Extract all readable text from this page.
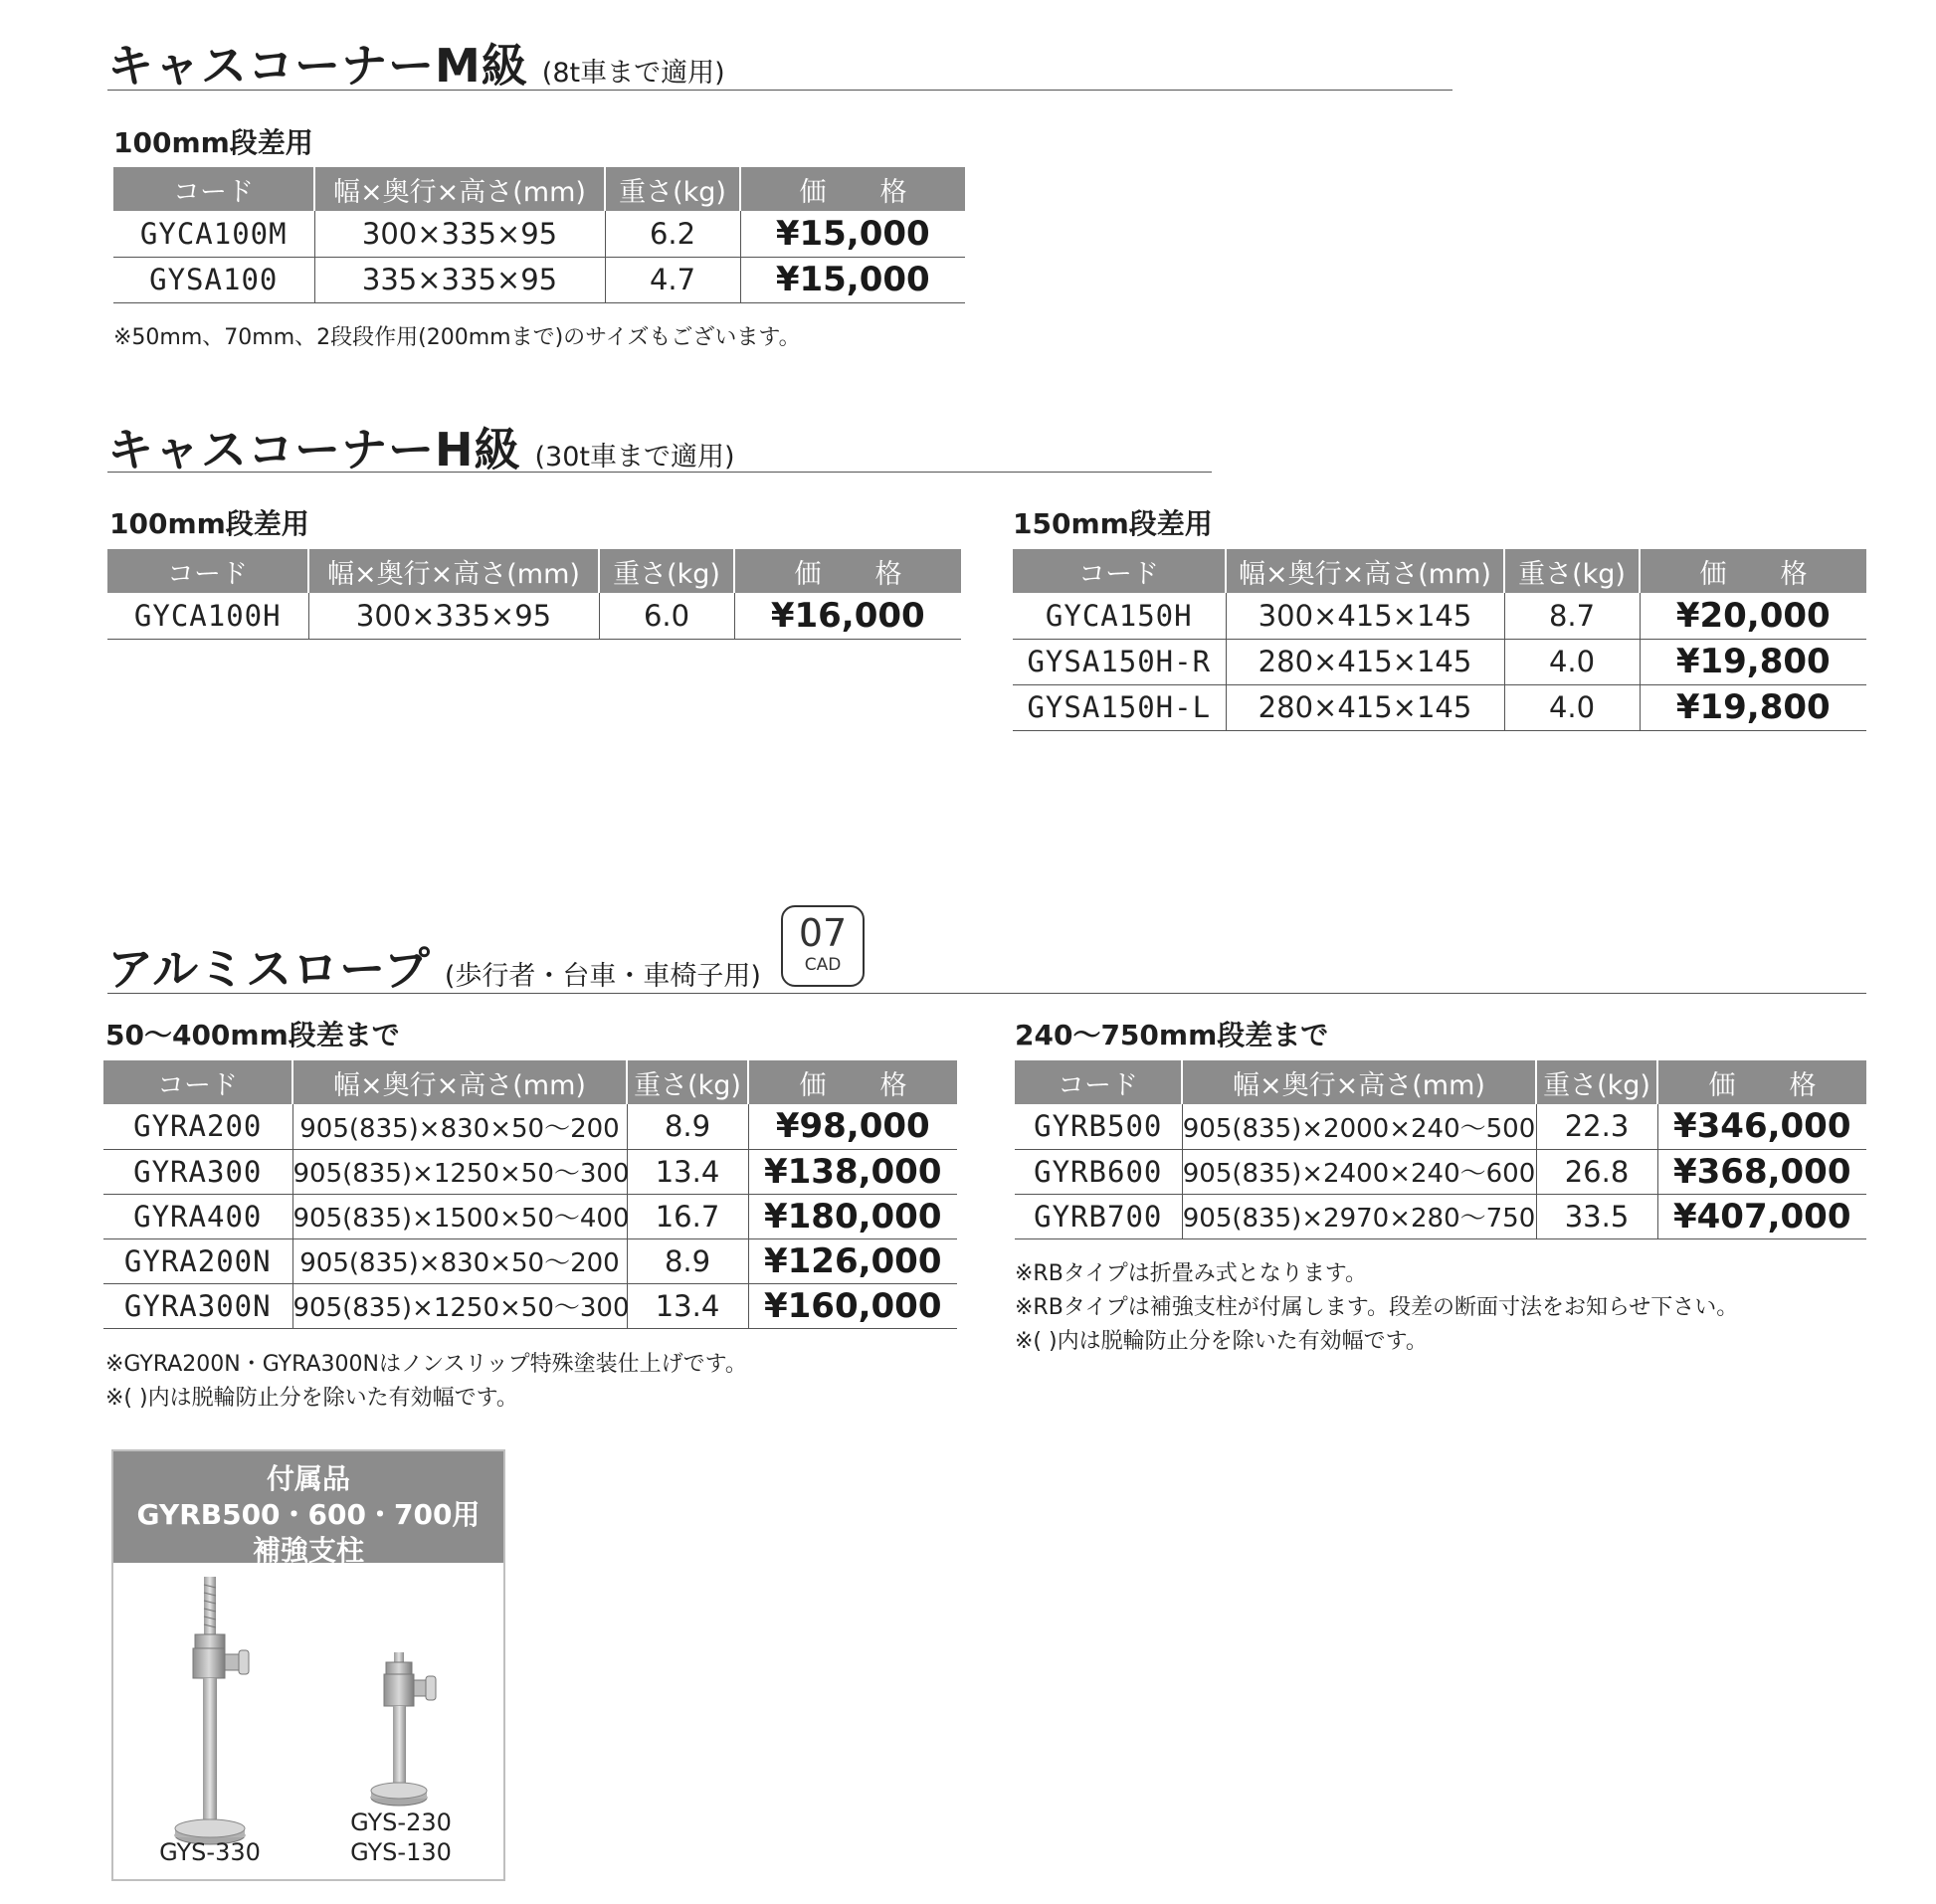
キャスコーナーM級 (8t車まで適用)
100mm段差用
コード	幅×奥行×高さ(mm)	重さ(kg)	価　　格
GYCA100M	300×335×95	6.2	¥15,000
GYSA100	335×335×95	4.7	¥15,000
※50mm、70mm、2段段作用(200mmまで)のサイズもございます。
キャスコーナーH級 (30t車まで適用)
100mm段差用
コード	幅×奥行×高さ(mm)	重さ(kg)	価　　格
GYCA100H	300×335×95	6.0	¥16,000
150mm段差用
コード	幅×奥行×高さ(mm)	重さ(kg)	価　　格
GYCA150H	300×415×145	8.7	¥20,000
GYSA150H-R	280×415×145	4.0	¥19,800
GYSA150H-L	280×415×145	4.0	¥19,800
アルミスロープ (歩行者・台車・車椅子用)
07
CAD
50〜400mm段差まで
コード	幅×奥行×高さ(mm)	重さ(kg)	価　　格
GYRA200	905(835)×830×50〜200	8.9	¥98,000
GYRA300	905(835)×1250×50〜300	13.4	¥138,000
GYRA400	905(835)×1500×50〜400	16.7	¥180,000
GYRA200N	905(835)×830×50〜200	8.9	¥126,000
GYRA300N	905(835)×1250×50〜300	13.4	¥160,000
※GYRA200N・GYRA300Nはノンスリップ特殊塗装仕上げです。
※( )内は脱輪防止分を除いた有効幅です。
240〜750mm段差まで
コード	幅×奥行×高さ(mm)	重さ(kg)	価　　格
GYRB500	905(835)×2000×240〜500	22.3	¥346,000
GYRB600	905(835)×2400×240〜600	26.8	¥368,000
GYRB700	905(835)×2970×280〜750	33.5	¥407,000
※RBタイプは折畳み式となります。
※RBタイプは補強支柱が付属します。段差の断面寸法をお知らせ下さい。
※( )内は脱輪防止分を除いた有効幅です。
付属品
GYRB500・600・700用
補強支柱
GYS-330
GYS-230
GYS-130
